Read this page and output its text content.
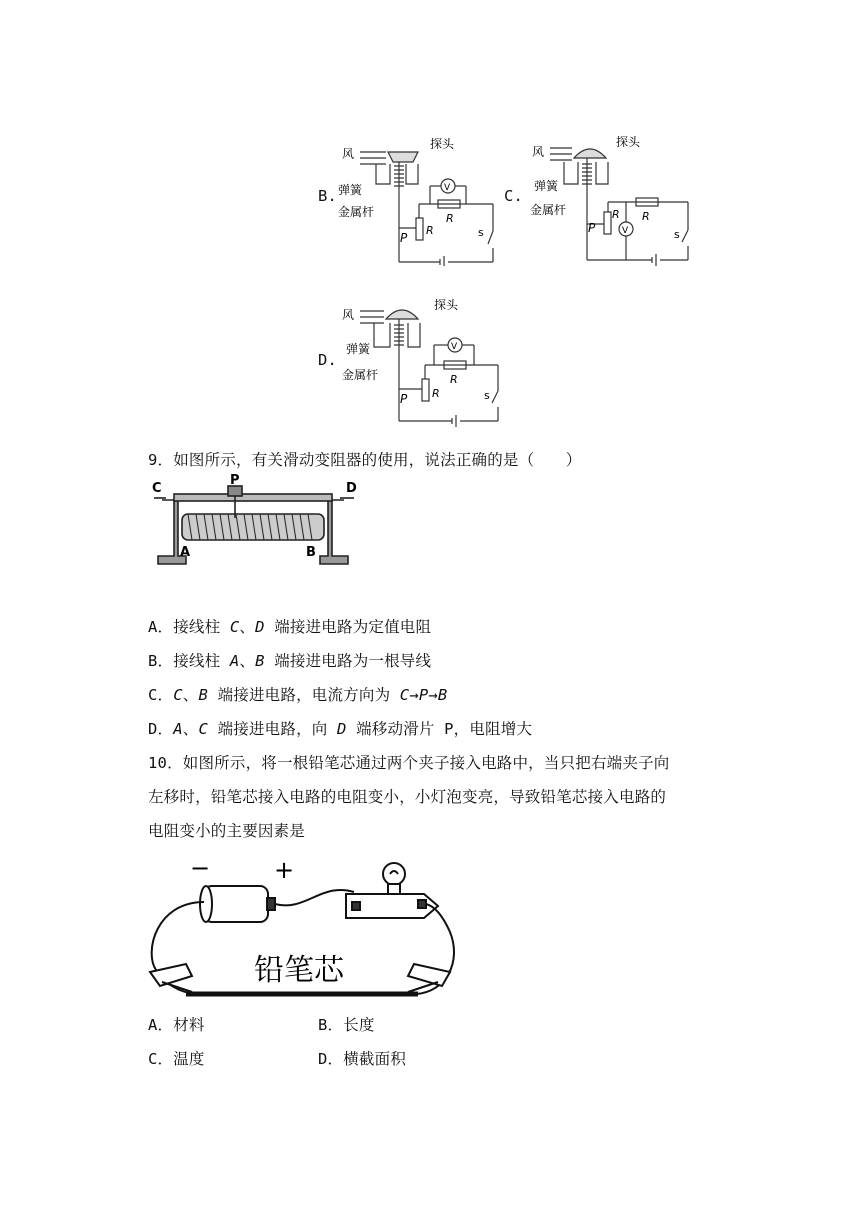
B.
风
探头
弹簧
金属杆
P
R
R
V
s
C.
风
探头
弹簧
金属杆
P
R R
V	s
D.
风
探头
弹簧
金属杆
P R
R
V
s
9．如图所示，有关滑动变阻器的使用，说法正确的是（　　）
C
P
D
A	B
A．接线柱 C、D 端接进电路为定值电阻
B．接线柱 A、B 端接进电路为一根导线
C．C、B 端接进电路，电流方向为 C→P→B
D．A、C 端接进电路，向 D 端移动滑片 P，电阻增大
10．如图所示，将一根铅笔芯通过两个夹子接入电路中，当只把右端夹子向
左移时，铅笔芯接入电路的电阻变小，小灯泡变亮，导致铅笔芯接入电路的
电阻变小的主要因素是
−	+
铅笔芯
A．材料	B．长度
C．温度	D．横截面积
